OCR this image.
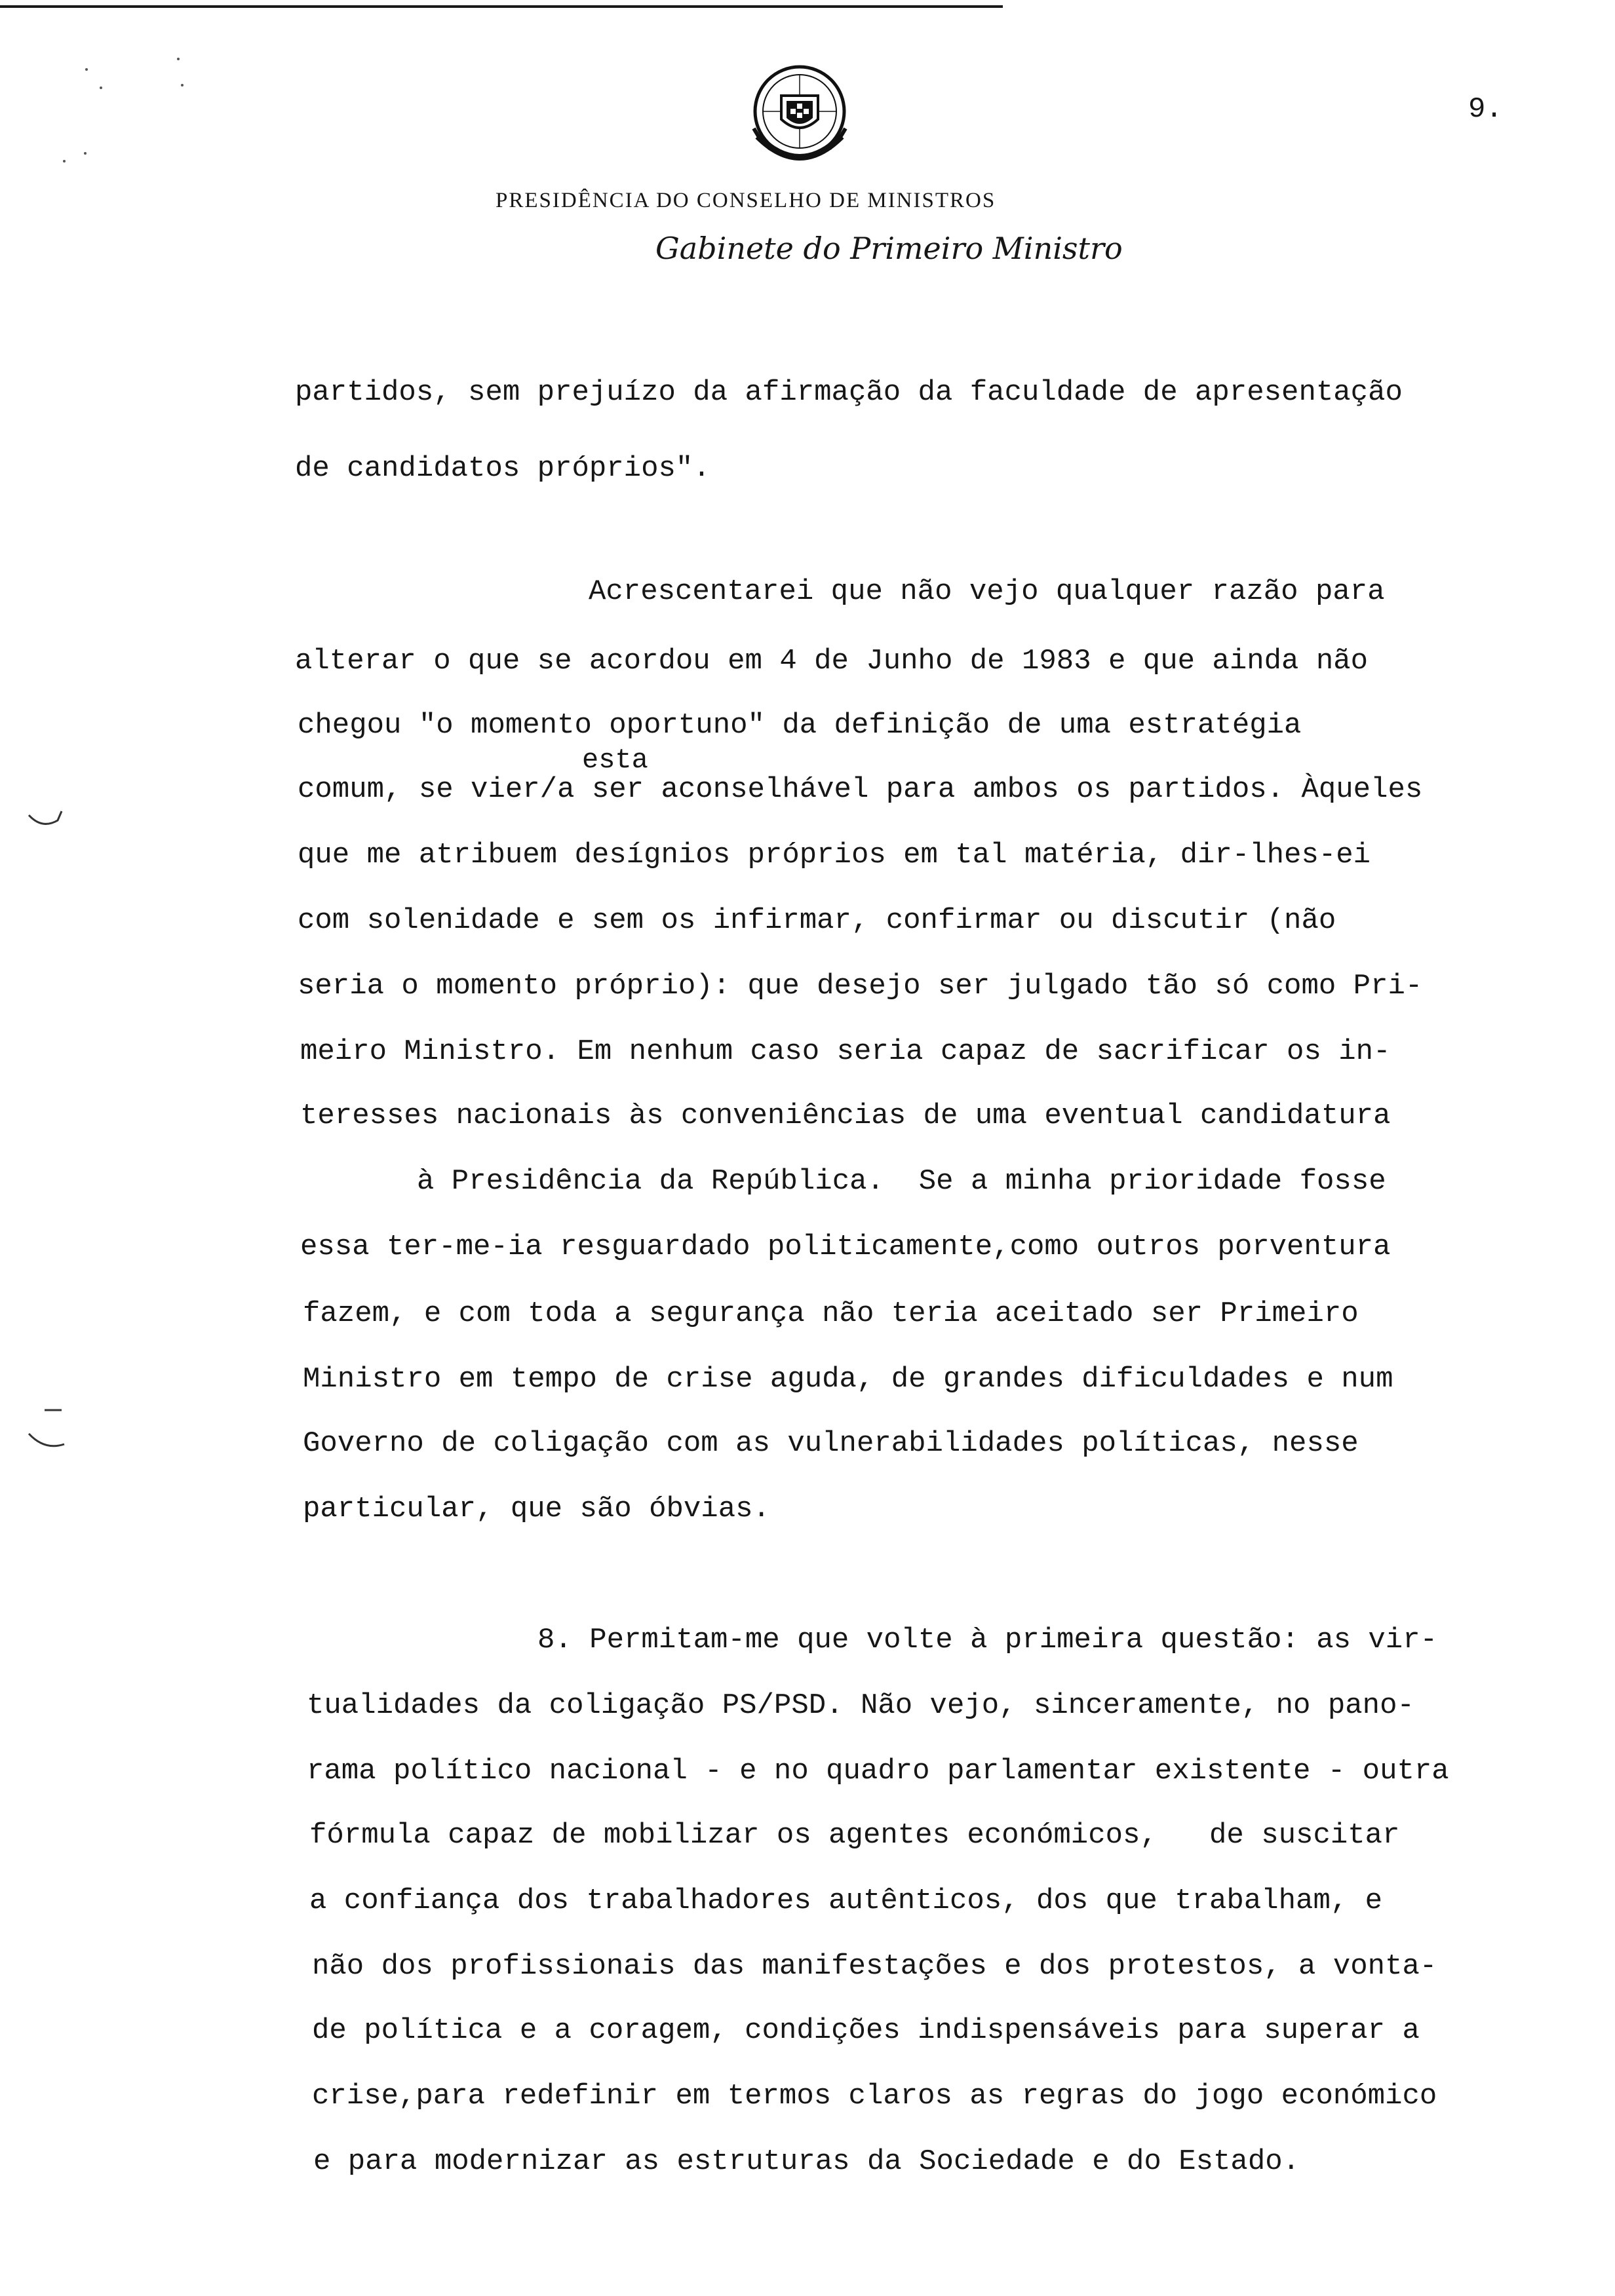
9.
PRESIDÊNCIA DO CONSELHO DE MINISTROS
Gabinete do Primeiro Ministro
esta
partidos, sem prejuízo da afirmação da faculdade de apresentação
de candidatos próprios".
Acrescentarei que não vejo qualquer razão para
alterar o que se acordou em 4 de Junho de 1983 e que ainda não
chegou "o momento oportuno" da definição de uma estratégia
comum, se vier/a ser aconselhável para ambos os partidos. Àqueles
que me atribuem desígnios próprios em tal matéria, dir-lhes-ei
com solenidade e sem os infirmar, confirmar ou discutir (não
seria o momento próprio): que desejo ser julgado tão só como Pri-
meiro Ministro. Em nenhum caso seria capaz de sacrificar os in-
teresses nacionais às conveniências de uma eventual candidatura
à Presidência da República.  Se a minha prioridade fosse
essa ter-me-ia resguardado politicamente,como outros porventura
fazem, e com toda a segurança não teria aceitado ser Primeiro
Ministro em tempo de crise aguda, de grandes dificuldades e num
Governo de coligação com as vulnerabilidades políticas, nesse
particular, que são óbvias.
8. Permitam-me que volte à primeira questão: as vir-
tualidades da coligação PS/PSD. Não vejo, sinceramente, no pano-
rama político nacional - e no quadro parlamentar existente - outra
fórmula capaz de mobilizar os agentes económicos,   de suscitar
a confiança dos trabalhadores autênticos, dos que trabalham, e
não dos profissionais das manifestações e dos protestos, a vonta-
de política e a coragem, condições indispensáveis para superar a
crise,para redefinir em termos claros as regras do jogo económico
e para modernizar as estruturas da Sociedade e do Estado.
